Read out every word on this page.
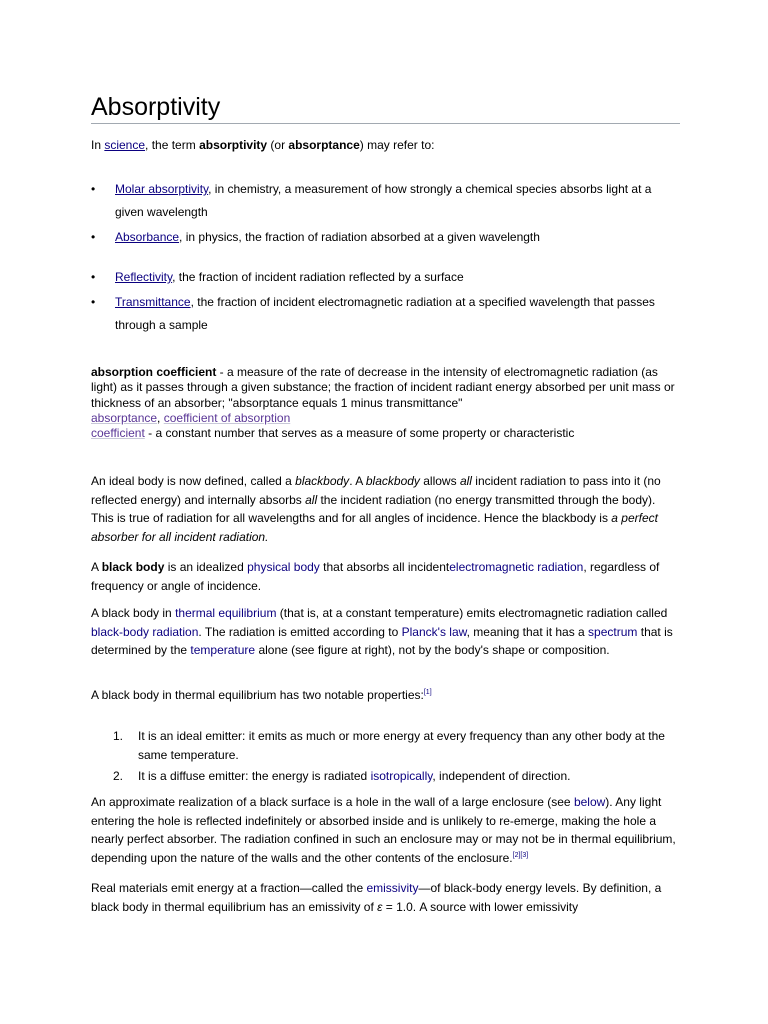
Absorptivity
In science, the term absorptivity (or absorptance) may refer to:
• Molar absorptivity, in chemistry, a measurement of how strongly a chemical species absorbs light at a given wavelength
• Absorbance, in physics, the fraction of radiation absorbed at a given wavelength
• Reflectivity, the fraction of incident radiation reflected by a surface
• Transmittance, the fraction of incident electromagnetic radiation at a specified wavelength that passes through a sample
absorption coefficient - a measure of the rate of decrease in the intensity of electromagnetic radiation (as light) as it passes through a given substance; the fraction of incident radiant energy absorbed per unit mass or thickness of an absorber; "absorptance equals 1 minus transmittance"
absorptance, coefficient of absorption
coefficient - a constant number that serves as a measure of some property or characteristic
An ideal body is now defined, called a blackbody. A blackbody allows all incident radiation to pass into it (no reflected energy) and internally absorbs all the incident radiation (no energy transmitted through the body). This is true of radiation for all wavelengths and for all angles of incidence. Hence the blackbody is a perfect absorber for all incident radiation.
A black body is an idealized physical body that absorbs all incidentelectromagnetic radiation, regardless of frequency or angle of incidence.
A black body in thermal equilibrium (that is, at a constant temperature) emits electromagnetic radiation called black-body radiation. The radiation is emitted according to Planck's law, meaning that it has a spectrum that is determined by the temperature alone (see figure at right), not by the body's shape or composition.
A black body in thermal equilibrium has two notable properties:[1]
1. It is an ideal emitter: it emits as much or more energy at every frequency than any other body at the same temperature.
2. It is a diffuse emitter: the energy is radiated isotropically, independent of direction.
An approximate realization of a black surface is a hole in the wall of a large enclosure (see below). Any light entering the hole is reflected indefinitely or absorbed inside and is unlikely to re-emerge, making the hole a nearly perfect absorber. The radiation confined in such an enclosure may or may not be in thermal equilibrium, depending upon the nature of the walls and the other contents of the enclosure.[2][3]
Real materials emit energy at a fraction—called the emissivity—of black-body energy levels. By definition, a black body in thermal equilibrium has an emissivity of ε = 1.0. A source with lower emissivity
